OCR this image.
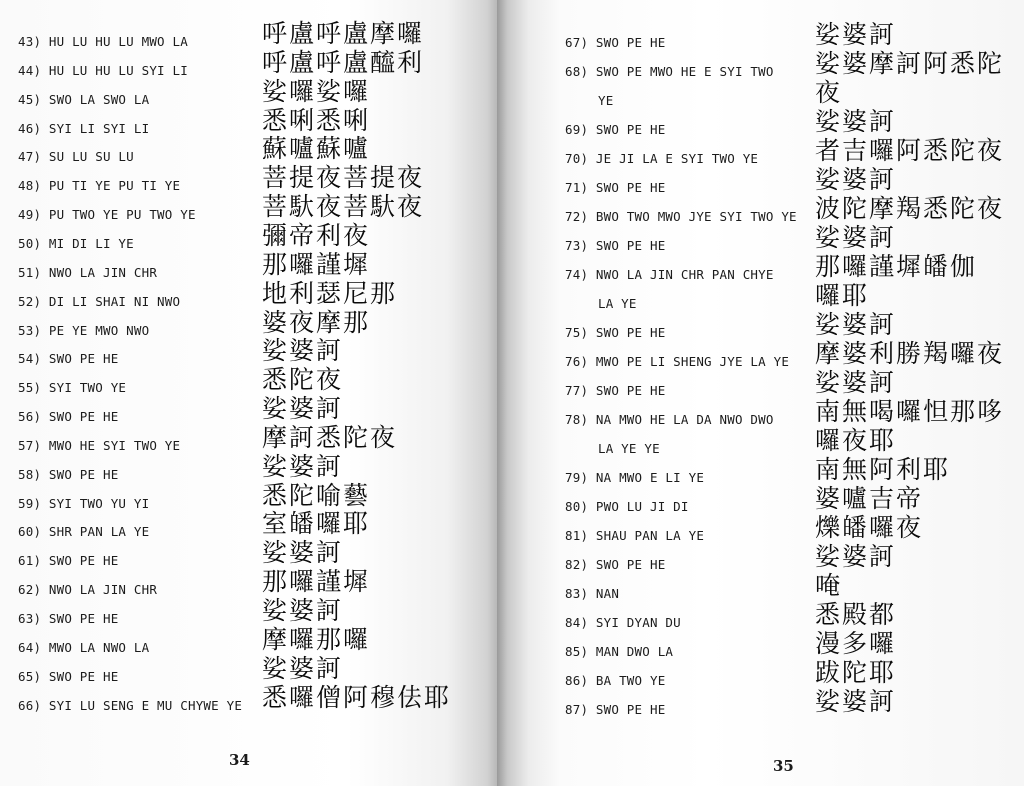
34
43) HU LU HU LU MWO LA	呼盧呼盧摩囉
44) HU LU HU LU SYI LI	呼盧呼盧醯利
45) SWO LA SWO LA	娑囉娑囉
46) SYI LI SYI LI	悉唎悉唎
47) SU LU SU LU	蘇嚧蘇嚧
48) PU TI YE PU TI YE	菩提夜菩提夜
49) PU TWO YE PU TWO YE	菩馱夜菩馱夜
50) MI DI LI YE	彌帝利夜
51) NWO LA JIN CHR	那囉謹墀
52) DI LI SHAI NI NWO	地利瑟尼那
53) PE YE MWO NWO	婆夜摩那
54) SWO PE HE	娑婆訶
55) SYI TWO YE	悉陀夜
56) SWO PE HE	娑婆訶
57) MWO HE SYI TWO YE	摩訶悉陀夜
58) SWO PE HE	娑婆訶
59) SYI TWO YU YI	悉陀喻藝
60) SHR PAN LA YE	室皤囉耶
61) SWO PE HE	娑婆訶
62) NWO LA JIN CHR	那囉謹墀
63) SWO PE HE	娑婆訶
64) MWO LA NWO LA	摩囉那囉
65) SWO PE HE	娑婆訶
66) SYI LU SENG E MU CHYWE YE 悉囉僧阿穆佉耶
35
67) SWO PE HE	娑婆訶
68) SWO PE MWO HE E SYI TWO 娑婆摩訶阿悉陀
YE	夜
69) SWO PE HE	娑婆訶
70) JE JI LA E SYI TWO YE 者吉囉阿悉陀夜
71) SWO PE HE	娑婆訶
72) BWO TWO MWO JYE SYI TWO YE 波陀摩羯悉陀夜
73) SWO PE HE	娑婆訶
74) NWO LA JIN CHR PAN CHYE 那囉謹墀皤伽
LA YE	囉耶
75) SWO PE HE	娑婆訶
76) MWO PE LI SHENG JYE LA YE 摩婆利勝羯囉夜
77) SWO PE HE	娑婆訶
78) NA MWO HE LA DA NWO DWO 南無喝囉怛那哆
LA YE YE	囉夜耶
79) NA MWO E LI YE	南無阿利耶
80) PWO LU JI DI	婆嚧吉帝
81) SHAU PAN LA YE	爍皤囉夜
82) SWO PE HE	娑婆訶
83) NAN	唵
84) SYI DYAN DU	悉殿都
85) MAN DWO LA	漫多囉
86) BA TWO YE	跋陀耶
87) SWO PE HE	娑婆訶
